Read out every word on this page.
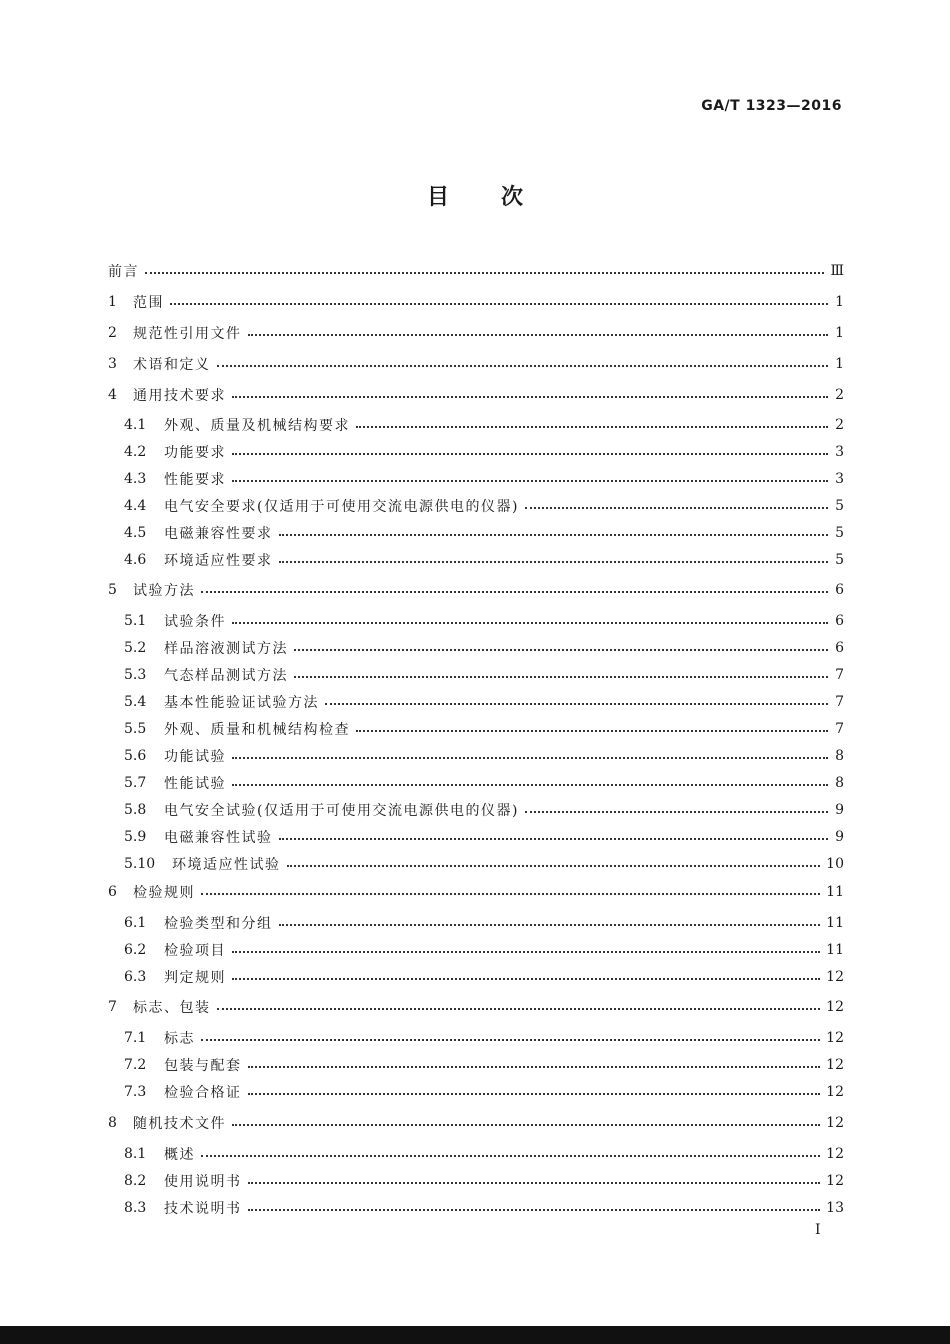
GA/T 1323—2016
目次
前言	Ⅲ
1	范围	1
2	规范性引用文件	1
3	术语和定义	1
4	通用技术要求	2
4.1	外观、质量及机械结构要求	2
4.2	功能要求	3
4.3	性能要求	3
4.4	电气安全要求(仅适用于可使用交流电源供电的仪器)	5
4.5	电磁兼容性要求	5
4.6	环境适应性要求	5
5	试验方法	6
5.1	试验条件	6
5.2	样品溶液测试方法	6
5.3	气态样品测试方法	7
5.4	基本性能验证试验方法	7
5.5	外观、质量和机械结构检查	7
5.6	功能试验	8
5.7	性能试验	8
5.8	电气安全试验(仅适用于可使用交流电源供电的仪器)	9
5.9	电磁兼容性试验	9
5.10	环境适应性试验	10
6	检验规则	11
6.1	检验类型和分组	11
6.2	检验项目	11
6.3	判定规则	12
7	标志、包装	12
7.1	标志	12
7.2	包装与配套	12
7.3	检验合格证	12
8	随机技术文件	12
8.1	概述	12
8.2	使用说明书	12
8.3	技术说明书	13
I
